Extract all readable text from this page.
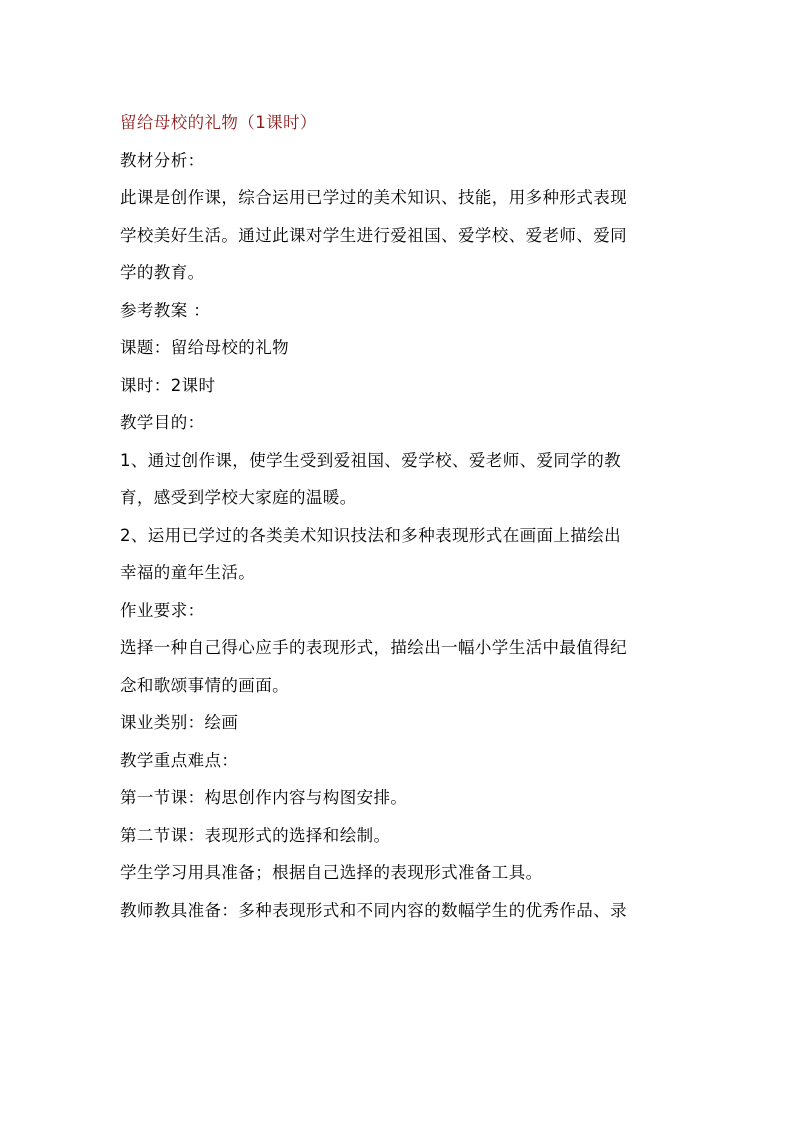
留给母校的礼物（1课时）
教材分析：
此课是创作课，综合运用已学过的美术知识、技能，用多种形式表现
学校美好生活。通过此课对学生进行爱祖国、爱学校、爱老师、爱同
学的教育。
参考教案 ：
课题：留给母校的礼物
课时：2课时
教学目的：
1、通过创作课，使学生受到爱祖国、爱学校、爱老师、爱同学的教
育，感受到学校大家庭的温暖。
2、运用已学过的各类美术知识技法和多种表现形式在画面上描绘出
幸福的童年生活。
作业要求：
选择一种自己得心应手的表现形式，描绘出一幅小学生活中最值得纪
念和歌颂事情的画面。
课业类别：绘画
教学重点难点：
第一节课：构思创作内容与构图安排。
第二节课：表现形式的选择和绘制。
学生学习用具准备；根据自己选择的表现形式准备工具。
教师教具准备：多种表现形式和不同内容的数幅学生的优秀作品、录
